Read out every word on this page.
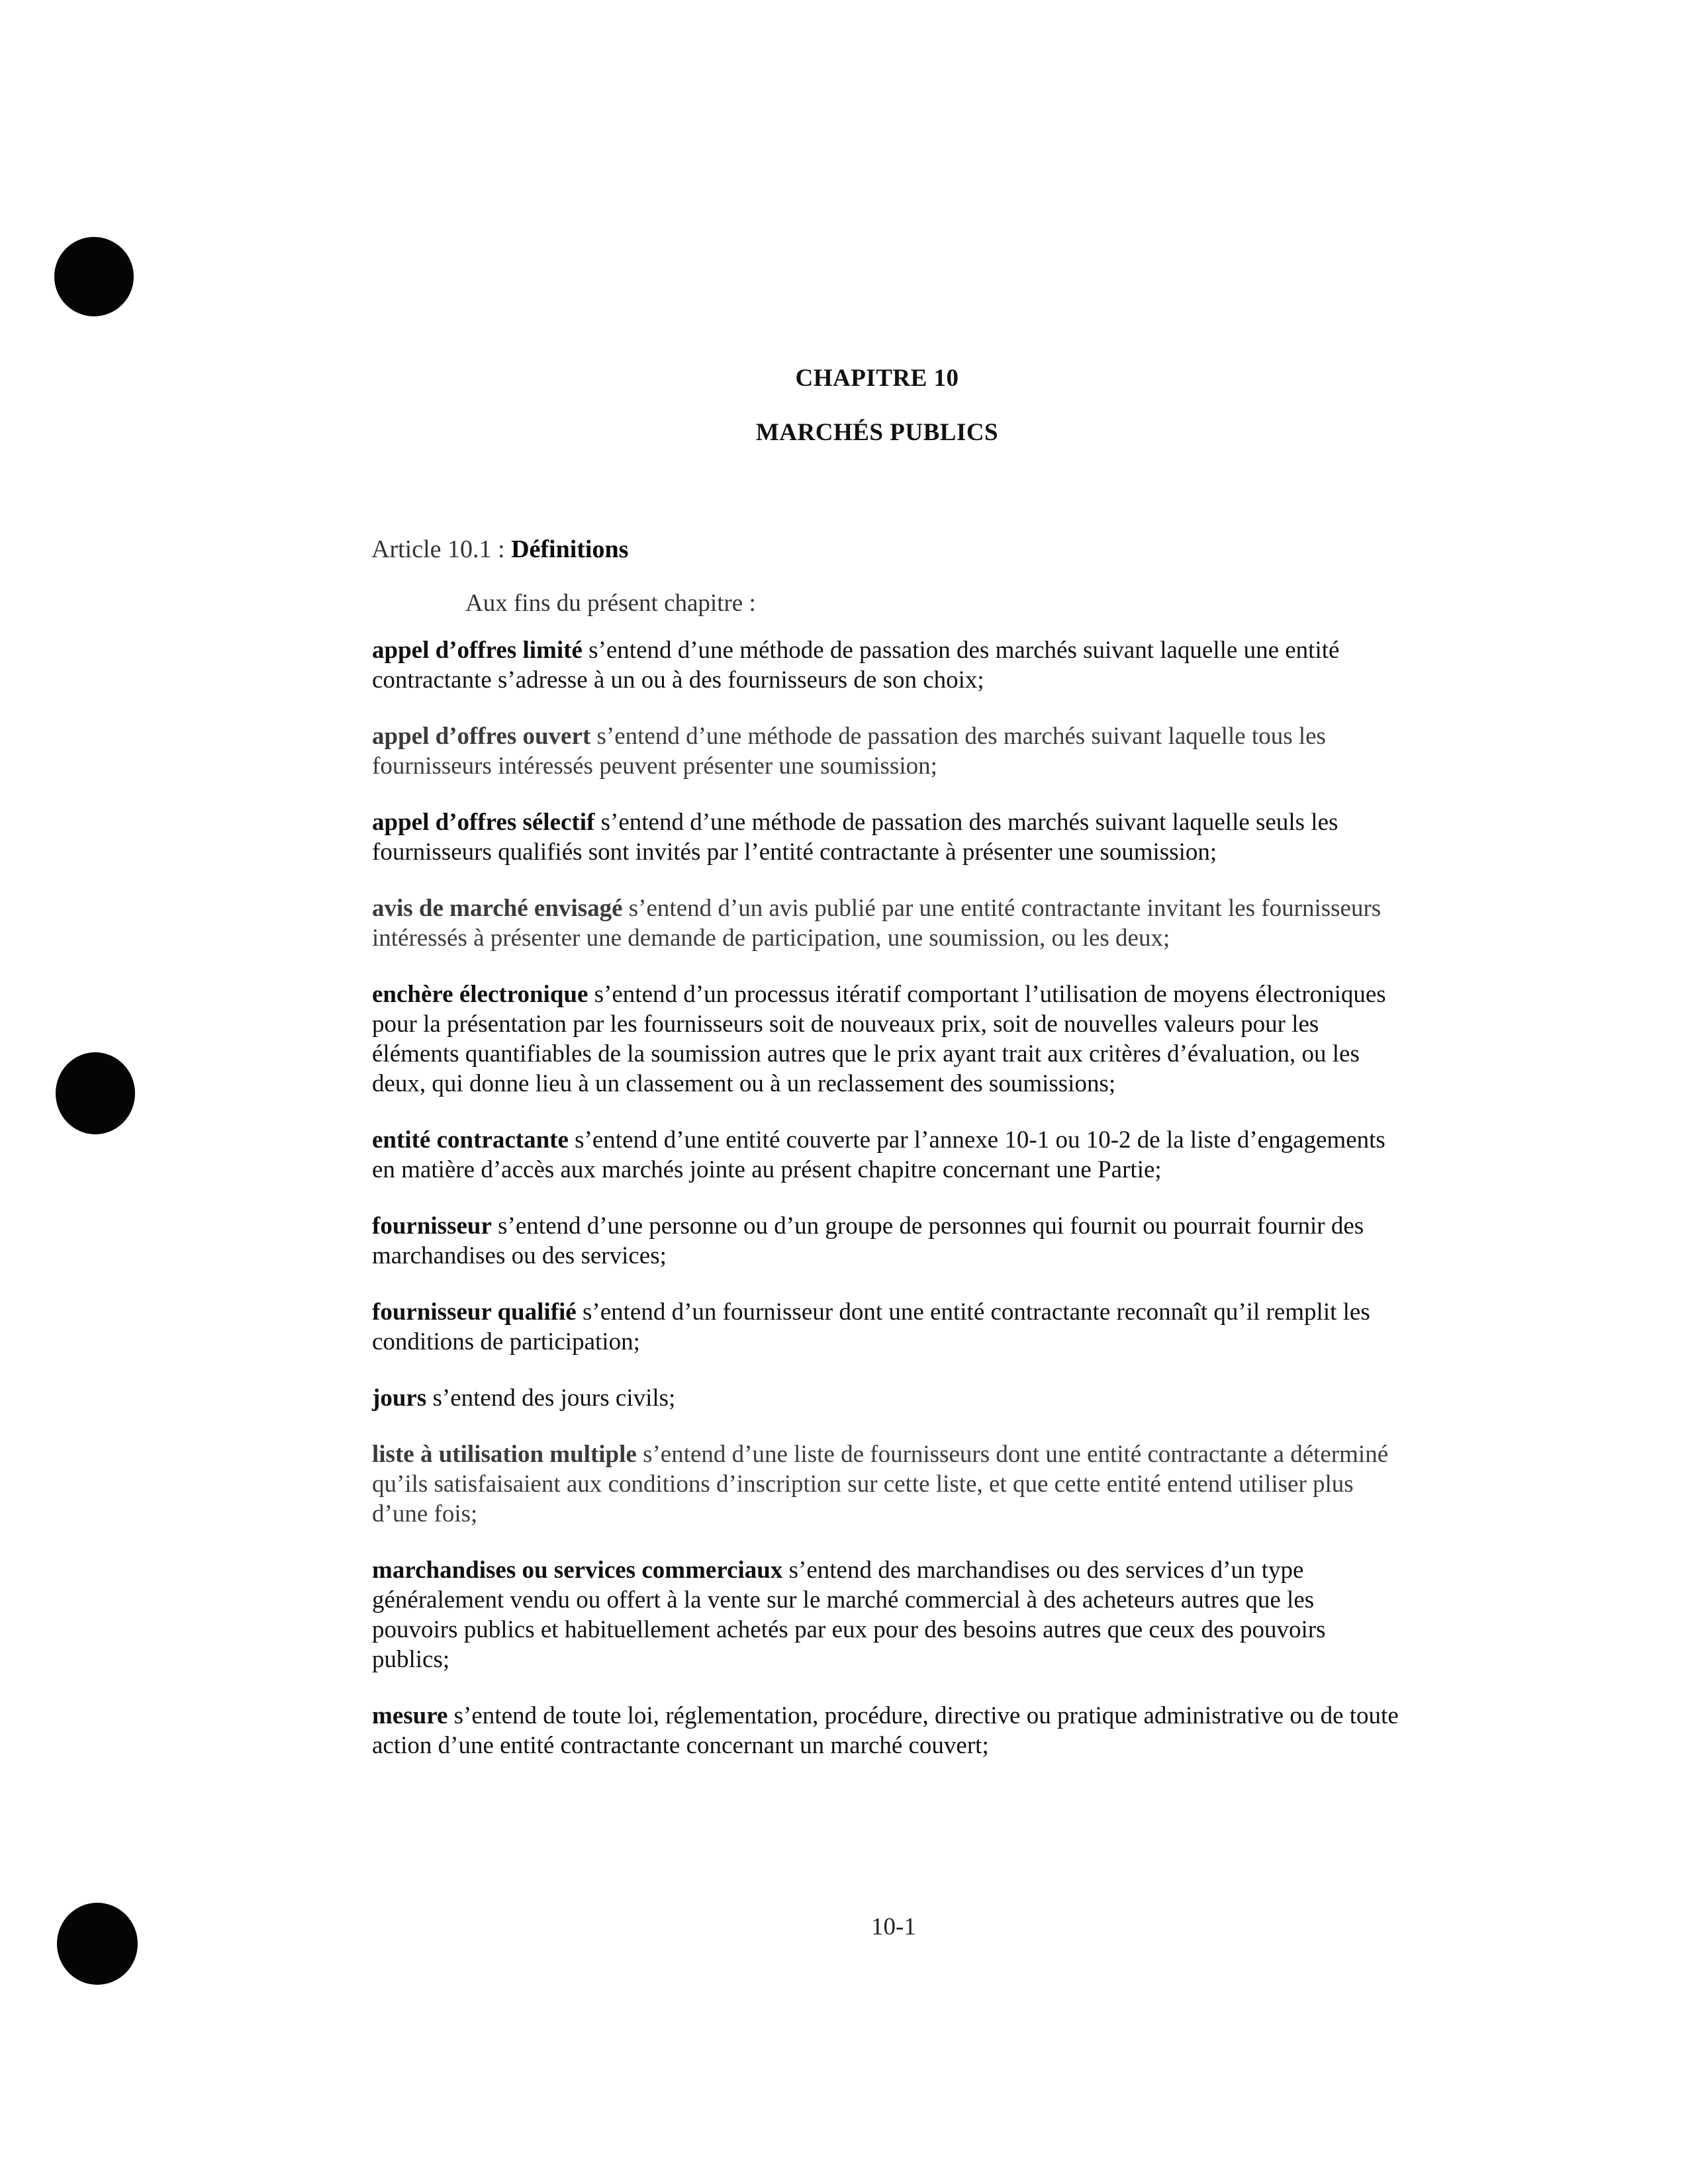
CHAPITRE 10
MARCHÉS PUBLICS
Article 10.1 : Définitions
Aux fins du présent chapitre :

appel d’offres limité s’entend d’une méthode de passation des marchés suivant laquelle une entité contractante s’adresse à un ou à des fournisseurs de son choix;

appel d’offres ouvert s’entend d’une méthode de passation des marchés suivant laquelle tous les fournisseurs intéressés peuvent présenter une soumission;

appel d’offres sélectif s’entend d’une méthode de passation des marchés suivant laquelle seuls les fournisseurs qualifiés sont invités par l’entité contractante à présenter une soumission;

avis de marché envisagé s’entend d’un avis publié par une entité contractante invitant les fournisseurs intéressés à présenter une demande de participation, une soumission, ou les deux;

enchère électronique s’entend d’un processus itératif comportant l’utilisation de moyens électroniques pour la présentation par les fournisseurs soit de nouveaux prix, soit de nouvelles valeurs pour les éléments quantifiables de la soumission autres que le prix ayant trait aux critères d’évaluation, ou les deux, qui donne lieu à un classement ou à un reclassement des soumissions;

entité contractante s’entend d’une entité couverte par l’annexe 10-1 ou 10-2 de la liste d’engagements en matière d’accès aux marchés jointe au présent chapitre concernant une Partie;

fournisseur s’entend d’une personne ou d’un groupe de personnes qui fournit ou pourrait fournir des marchandises ou des services;

fournisseur qualifié s’entend d’un fournisseur dont une entité contractante reconnaît qu’il remplit les conditions de participation;

jours s’entend des jours civils;

liste à utilisation multiple s’entend d’une liste de fournisseurs dont une entité contractante a déterminé qu’ils satisfaisaient aux conditions d’inscription sur cette liste, et que cette entité entend utiliser plus d’une fois;

marchandises ou services commerciaux s’entend des marchandises ou des services d’un type généralement vendu ou offert à la vente sur le marché commercial à des acheteurs autres que les pouvoirs publics et habituellement achetés par eux pour des besoins autres que ceux des pouvoirs publics;

mesure s’entend de toute loi, réglementation, procédure, directive ou pratique administrative ou de toute action d’une entité contractante concernant un marché couvert;

10-1
